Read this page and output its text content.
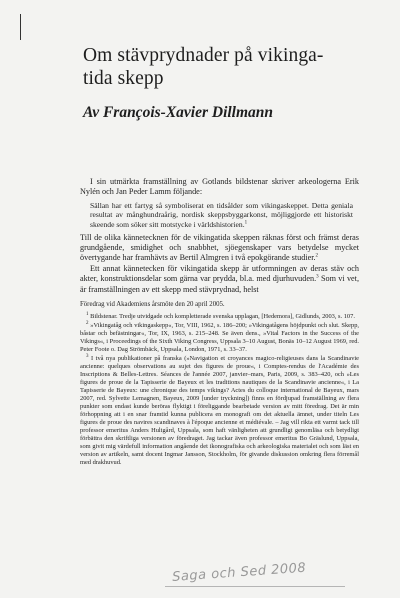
Om stävprydnader på vikinga-tida skepp
Av François-Xavier Dillmann

I sin utmärkta framställning av Gotlands bildstenar skriver arkeologerna Erik Nylén och Jan Peder Lamm följande:

Sällan har ett fartyg så symboliserat en tidsålder som vikingaskeppet. Detta geniala resultat av månghundraårig, nordisk skeppsbyggarkonst, möjliggjorde ett historiskt skeende som söker sitt motstycke i världshistorien.$^1$

Till de olika kännetecknen för de vikingatida skeppen räknas först och främst deras grundgående, smidighet och snabbhet, sjöegenskaper vars betydelse mycket övertygande har framhävts av Bertil Almgren i två epokgörande studier.$^2$

Ett annat kännetecken för vikingatida skepp är utformningen av deras stäv och akter, konstruktionsdelar som gärna var prydda, bl.a. med djurhuvuden.$^3$ Som vi vet, är framställningen av ett skepp med stävprydnad, helst

Föredrag vid Akademiens årsmöte den 20 april 2005.

$^1$ Bildstenar. Tredje utvidgade och kompletterade svenska upplagan, [Hedemora], Gidlunds, 2003, s. 107.

$^2$ »Vikingatåg och vikingaskepp«, Tor, VIII, 1962, s. 186–200; »Vikingatågens höjdpunkt och slut. Skepp, båstar och befästningar«, Tor, IX, 1963, s. 215–248. Se även dens., »Vital Factors in the Success of the Vikings«, i Proceedings of the Sixth Viking Congress, Uppsala 3–10 August, Bonäs 10–12 August 1969, red. Peter Foote o. Dag Strömbäck, Uppsala, London, 1971, s. 33–37.

$^3$ I två nya publikationer på franska (»Navigation et croyances magico-religieuses dans la Scandinavie ancienne: quelques observations au sujet des figures de proue«, i Comptes-rendus de l'Académie des Inscriptions & Belles-Lettres. Séances de l'année 2007, janvier–mars, Paris, 2009, s. 383–420, och »Les figures de proue de la Tapisserie de Bayeux et les traditions nautiques de la Scandinavie ancienne«, i La Tapisserie de Bayeux: une chronique des temps vikings? Actes du colloque international de Bayeux, mars 2007, red. Sylvette Lemagnen, Bayeux, 2009 [under tryckning]) finns en fördjupad framställning av flera punkter som endast kunde beröras flyktigt i föreliggande bearbetade version av mitt föredrag. Det är min förhoppning att i en snar framtid kunna publicera en monografi om det aktuella ämnet, under titeln Les figures de proue des navires scandinaves à l'époque ancienne et médiévale. – Jag vill rikta ett varmt tack till professor emeritus Anders Hultgård, Uppsala, som haft vänligheten att grundligt genomläsa och betydligt förbättra den skriftliga versionen av föredraget. Jag tackar även professor emeritus Bo Gräslund, Uppsala, som givit mig värdefull information angående det ikonografiska och arkeologiska materialet och som läst en version av artikeln, samt docent Ingmar Jansson, Stockholm, för givande diskussion omkring flera förremål med drakhuvud.

Saga och Sed 2008
